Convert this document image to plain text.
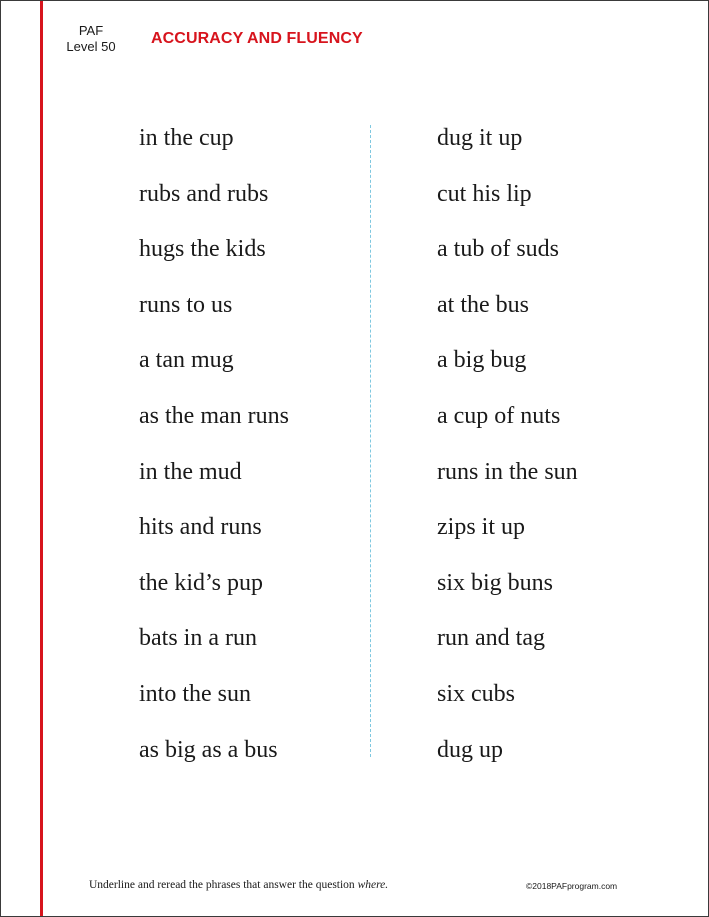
PAF
Level 50	ACCURACY AND FLUENCY
in the cup
rubs and rubs
hugs the kids
runs to us
a tan mug
as the man runs
in the mud
hits and runs
the kid’s pup
bats in a run
into the sun
as big as a bus
dug it up
cut his lip
a tub of suds
at the bus
a big bug
a cup of nuts
runs in the sun
zips it up
six big buns
run and tag
six cubs
dug up
Underline and reread the phrases that answer the question where.	©2018PAFprogram.com
